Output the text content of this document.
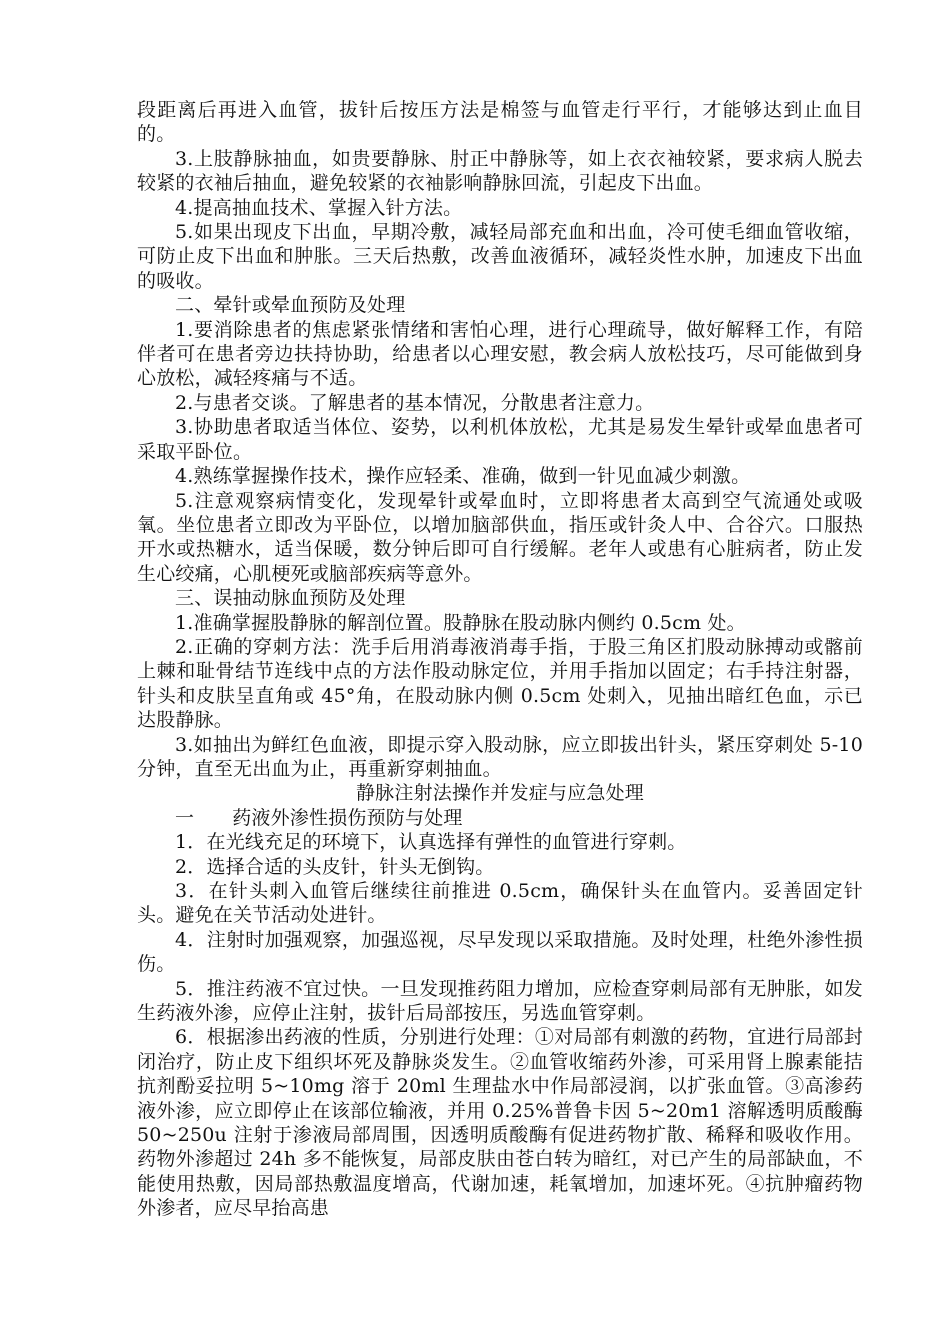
段距离后再进入血管，拔针后按压方法是棉签与血管走行平行，才能够达到止血目的。

3.上肢静脉抽血，如贵要静脉、肘正中静脉等，如上衣衣袖较紧，要求病人脱去较紧的衣袖后抽血，避免较紧的衣袖影响静脉回流，引起皮下出血。

4.提高抽血技术、掌握入针方法。

5.如果出现皮下出血，早期冷敷，减轻局部充血和出血，冷可使毛细血管收缩，可防止皮下出血和肿胀。三天后热敷，改善血液循环，减轻炎性水肿，加速皮下出血的吸收。

二、晕针或晕血预防及处理

1.要消除患者的焦虑紧张情绪和害怕心理，进行心理疏导，做好解释工作，有陪伴者可在患者旁边扶持协助，给患者以心理安慰，教会病人放松技巧，尽可能做到身心放松，减轻疼痛与不适。

2.与患者交谈。了解患者的基本情况，分散患者注意力。

3.协助患者取适当体位、姿势，以利机体放松，尤其是易发生晕针或晕血患者可采取平卧位。

4.熟练掌握操作技术，操作应轻柔、准确，做到一针见血减少刺激。

5.注意观察病情变化，发现晕针或晕血时，立即将患者太高到空气流通处或吸氧。坐位患者立即改为平卧位，以增加脑部供血，指压或针灸人中、合谷穴。口服热开水或热糖水，适当保暖，数分钟后即可自行缓解。老年人或患有心脏病者，防止发生心绞痛，心肌梗死或脑部疾病等意外。

三、误抽动脉血预防及处理

1.准确掌握股静脉的解剖位置。股静脉在股动脉内侧约 0.5cm 处。

2.正确的穿刺方法：洗手后用消毒液消毒手指，于股三角区扪股动脉搏动或髂前上棘和耻骨结节连线中点的方法作股动脉定位，并用手指加以固定；右手持注射器，针头和皮肤呈直角或 45°角，在股动脉内侧 0.5cm 处刺入，见抽出暗红色血，示已达股静脉。

3.如抽出为鲜红色血液，即提示穿入股动脉，应立即拔出针头，紧压穿刺处 5-10 分钟，直至无出血为止，再重新穿刺抽血。

静脉注射法操作并发症与应急处理

一 药液外渗性损伤预防与处理

1．在光线充足的环境下，认真选择有弹性的血管进行穿刺。

2．选择合适的头皮针，针头无倒钩。

3．在针头刺入血管后继续往前推进 0.5cm，确保针头在血管内。妥善固定针头。避免在关节活动处进针。

4．注射时加强观察，加强巡视，尽早发现以采取措施。及时处理，杜绝外渗性损伤。

5．推注药液不宜过快。一旦发现推药阻力增加，应检查穿刺局部有无肿胀，如发生药液外渗，应停止注射，拔针后局部按压，另选血管穿刺。

6．根据渗出药液的性质，分别进行处理：①对局部有刺激的药物，宜进行局部封闭治疗，防止皮下组织坏死及静脉炎发生。②血管收缩药外渗，可采用肾上腺素能拮抗剂酚妥拉明 5~10mg 溶于 20ml 生理盐水中作局部浸润，以扩张血管。③高渗药液外渗，应立即停止在该部位输液，并用 0.25%普鲁卡因 5~20m1 溶解透明质酸酶 50~250u 注射于渗液局部周围，因透明质酸酶有促进药物扩散、稀释和吸收作用。药物外渗超过 24h 多不能恢复，局部皮肤由苍白转为暗红，对已产生的局部缺血，不能使用热敷，因局部热敷温度增高，代谢加速，耗氧增加，加速坏死。④抗肿瘤药物外渗者，应尽早抬高患
